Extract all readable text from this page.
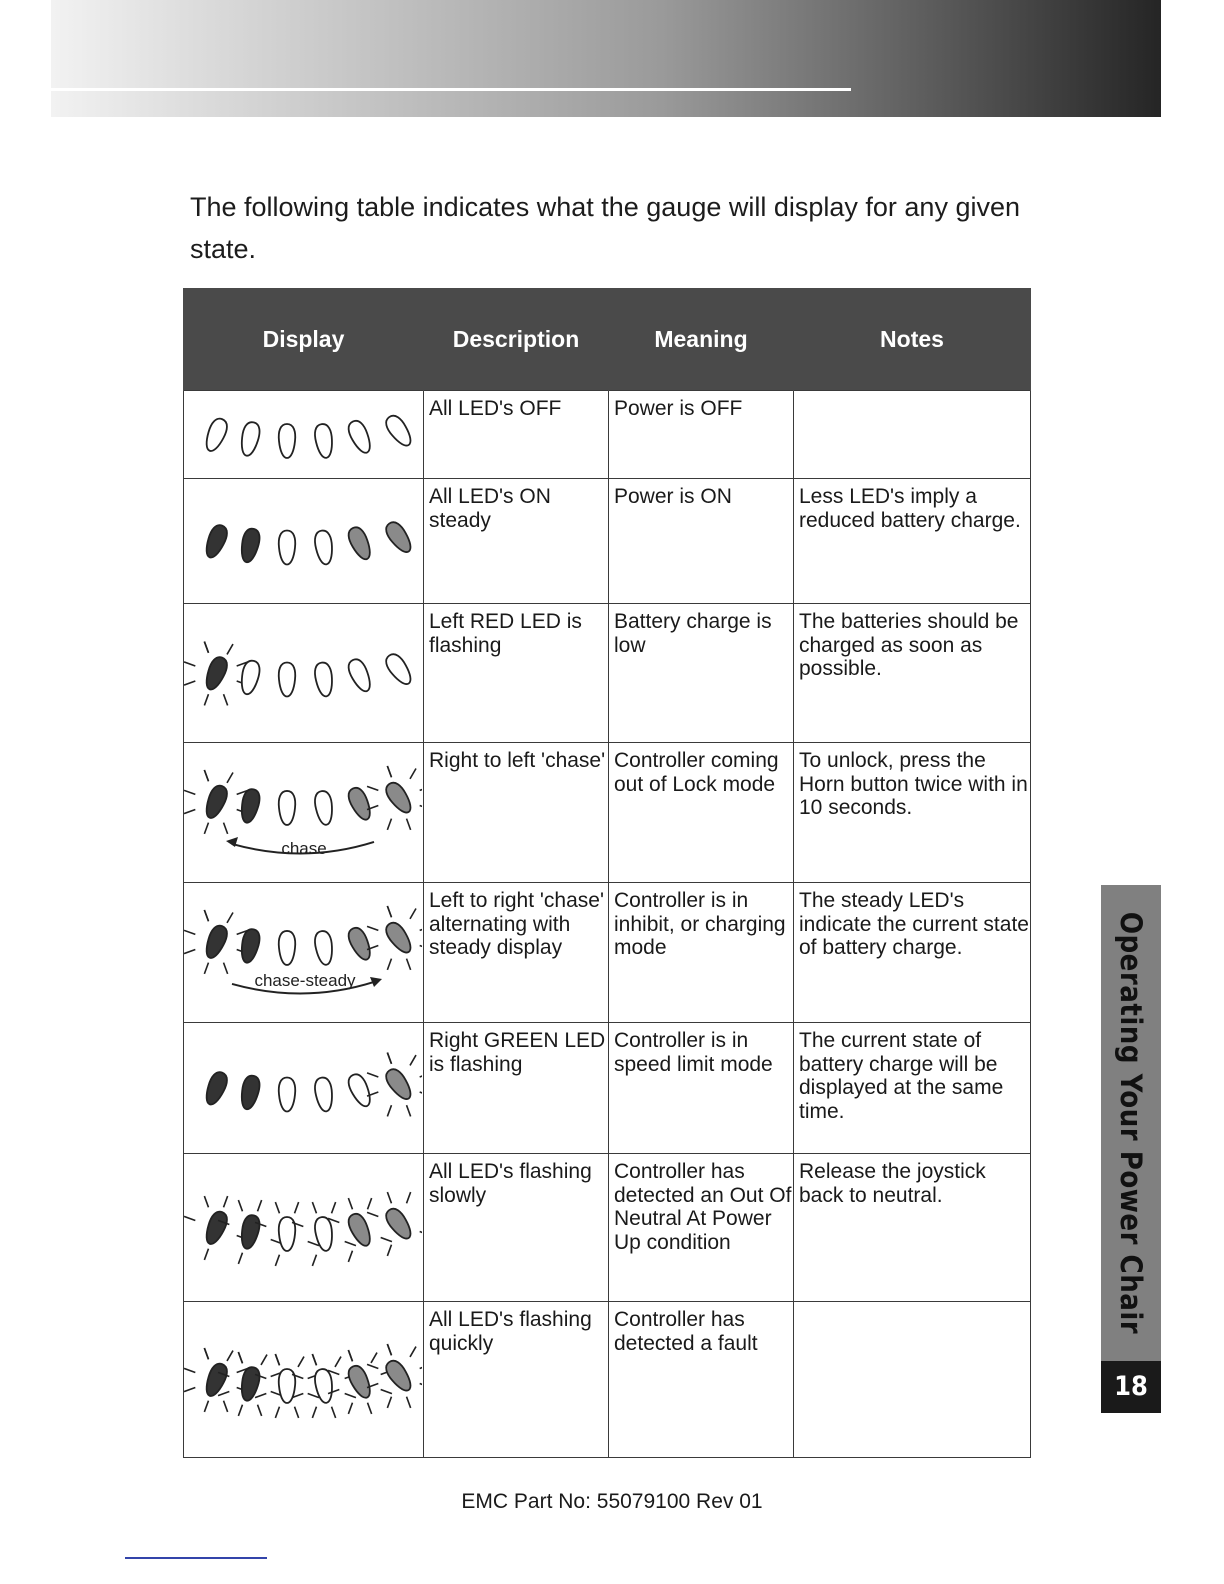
The following table indicates what the gauge will display for any given state.

Display	Description	Meaning	Notes

	All LED's OFF	Power is OFF	

	All LED's ON steady	Power is ON	Less LED's imply a reduced battery charge.

	Left RED LED is flashing	Battery charge is low	The batteries should be charged as soon as possible.

chase	Right to left 'chase'	Controller coming out of Lock mode	To unlock, press the Horn button twice with in 10 seconds.

chase-steady	Left to right 'chase' alternating with steady display	Controller is in inhibit, or charging mode	The steady LED's indicate the current state of battery charge.

	Right GREEN LED is flashing	Controller is in speed limit mode	The current state of battery charge will be displayed at the same time.

	All LED's flashing slowly	Controller has detected an Out Of Neutral At Power Up condition	Release the joystick back to neutral.

	All LED's flashing quickly	Controller has detected a fault	
Operating Your Power Chair
18
EMC Part No: 55079100 Rev 01
